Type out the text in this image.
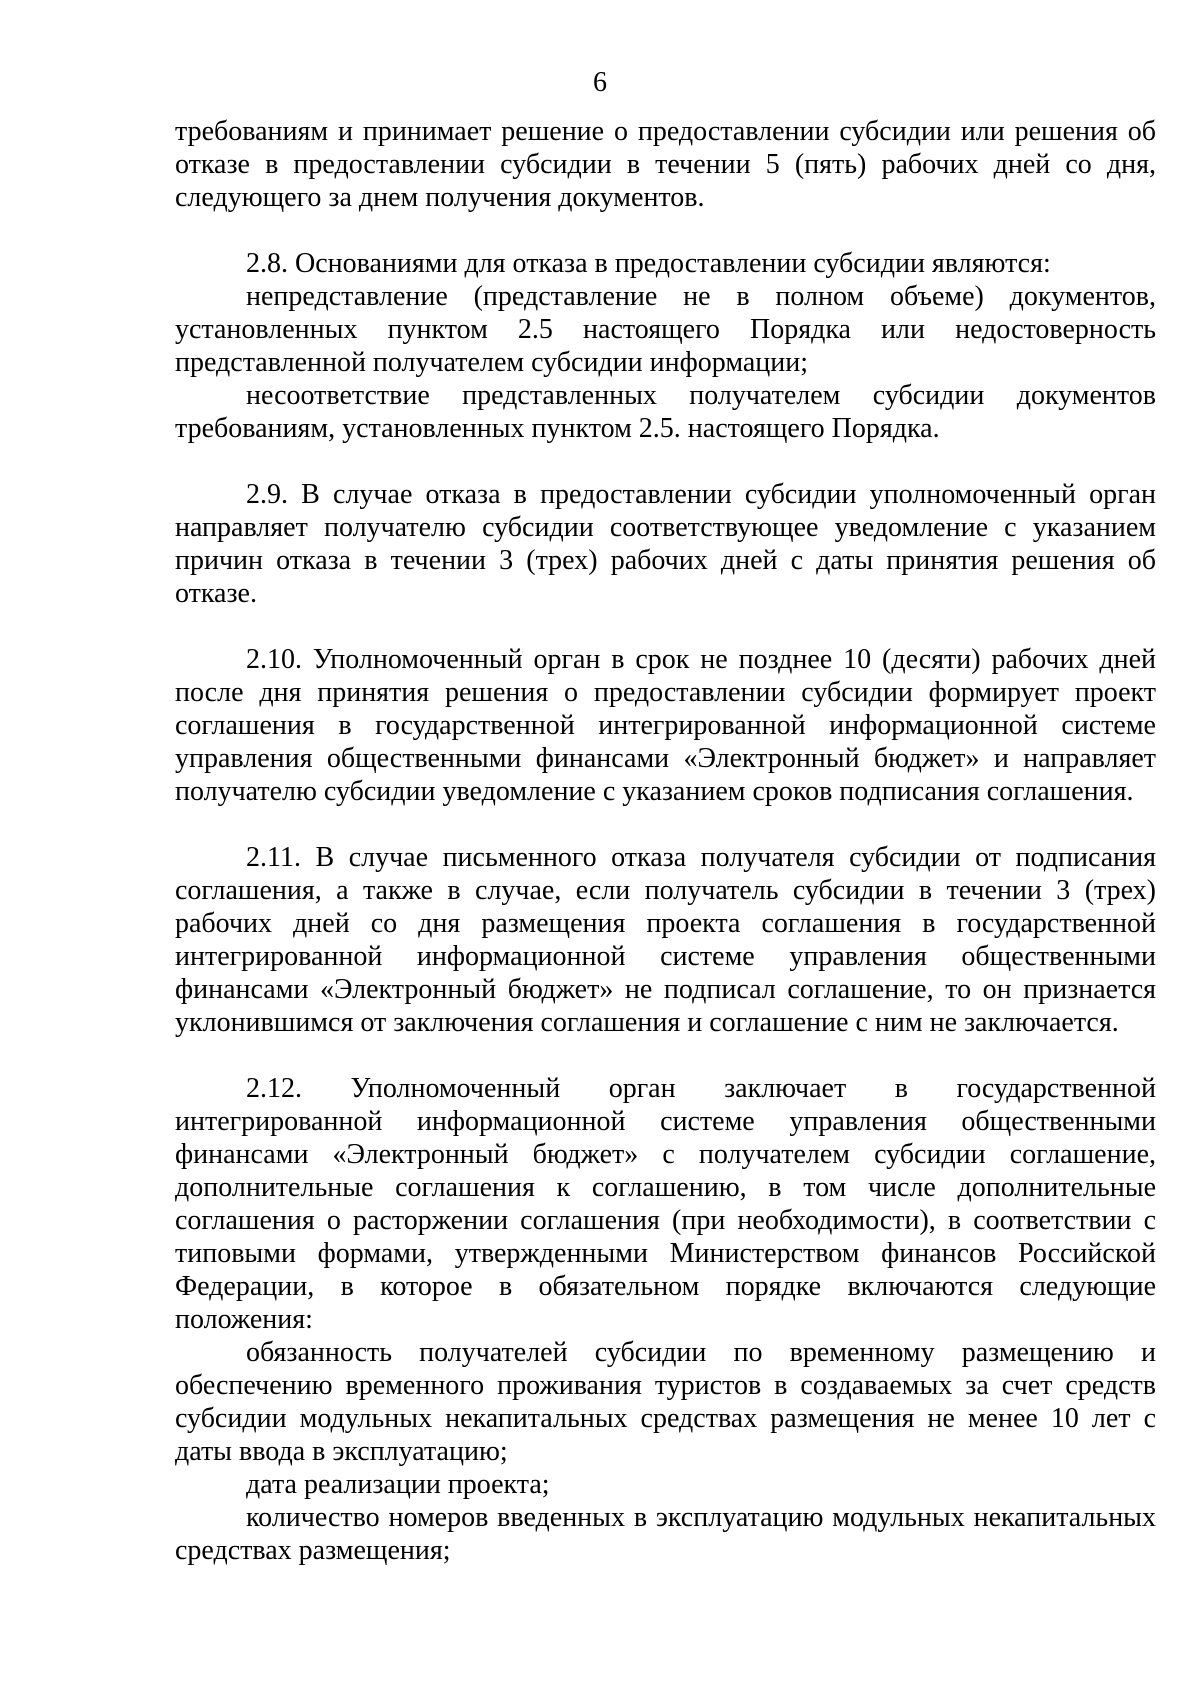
6

требованиям и принимает решение о предоставлении субсидии или решения об отказе в предоставлении субсидии в течении 5 (пять) рабочих дней со дня, следующего за днем получения документов.

2.8. Основаниями для отказа в предоставлении субсидии являются:

непредставление (представление не в полном объеме) документов, установленных пунктом 2.5 настоящего Порядка или недостоверность представленной получателем субсидии информации;

несоответствие представленных получателем субсидии документов требованиям, установленных пунктом 2.5. настоящего Порядка.

2.9. В случае отказа в предоставлении субсидии уполномоченный орган направляет получателю субсидии соответствующее уведомление с указанием причин отказа в течении 3 (трех) рабочих дней с даты принятия решения об отказе.

2.10. Уполномоченный орган в срок не позднее 10 (десяти) рабочих дней после дня принятия решения о предоставлении субсидии формирует проект соглашения в государственной интегрированной информационной системе управления общественными финансами «Электронный бюджет» и направляет получателю субсидии уведомление с указанием сроков подписания соглашения.

2.11. В случае письменного отказа получателя субсидии от подписания соглашения, а также в случае, если получатель субсидии в течении 3 (трех) рабочих дней со дня размещения проекта соглашения в государственной интегрированной информационной системе управления общественными финансами «Электронный бюджет» не подписал соглашение, то он признается уклонившимся от заключения соглашения и соглашение с ним не заключается.

2.12. Уполномоченный орган заключает в государственной интегрированной информационной системе управления общественными финансами «Электронный бюджет» с получателем субсидии соглашение, дополнительные соглашения к соглашению, в том числе дополнительные соглашения о расторжении соглашения (при необходимости), в соответствии с типовыми формами, утвержденными Министерством финансов Российской Федерации, в которое в обязательном порядке включаются следующие положения:

обязанность получателей субсидии по временному размещению и обеспечению временного проживания туристов в создаваемых за счет средств субсидии модульных некапитальных средствах размещения не менее 10 лет с даты ввода в эксплуатацию;

дата реализации проекта;

количество номеров введенных в эксплуатацию модульных некапитальных средствах размещения;
